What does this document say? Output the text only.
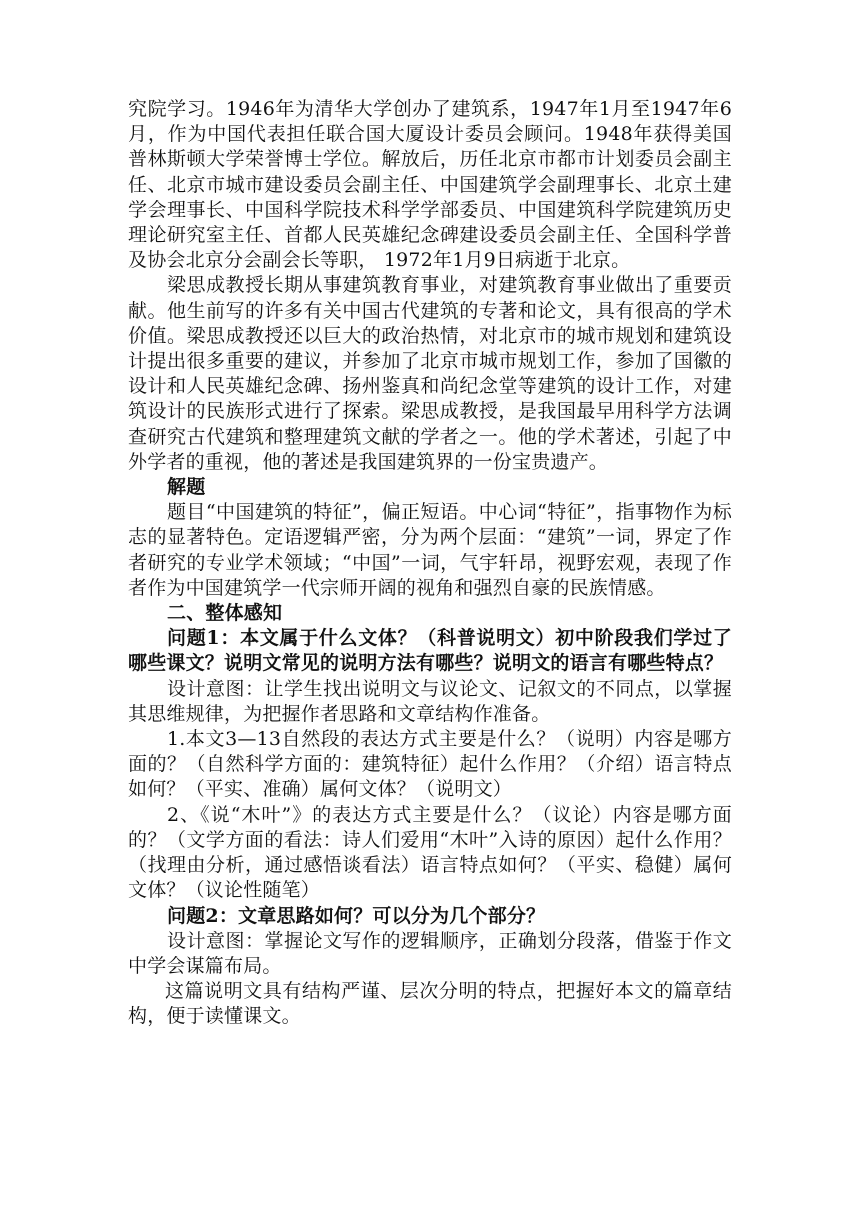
究院学习。1946年为清华大学创办了建筑系，1947年1月至1947年6月，作为中国代表担任联合国大厦设计委员会顾问。1948年获得美国普林斯顿大学荣誉博士学位。解放后，历任北京市都市计划委员会副主任、北京市城市建设委员会副主任、中国建筑学会副理事长、北京土建学会理事长、中国科学院技术科学学部委员、中国建筑科学院建筑历史理论研究室主任、首都人民英雄纪念碑建设委员会副主任、全国科学普及协会北京分会副会长等职， 1972年1月9日病逝于北京。

梁思成教授长期从事建筑教育事业，对建筑教育事业做出了重要贡献。他生前写的许多有关中国古代建筑的专著和论文，具有很高的学术价值。梁思成教授还以巨大的政治热情，对北京市的城市规划和建筑设计提出很多重要的建议，并参加了北京市城市规划工作，参加了国徽的设计和人民英雄纪念碑、扬州鉴真和尚纪念堂等建筑的设计工作，对建筑设计的民族形式进行了探索。梁思成教授，是我国最早用科学方法调查研究古代建筑和整理建筑文献的学者之一。他的学术著述，引起了中外学者的重视，他的著述是我国建筑界的一份宝贵遗产。

解题

题目“中国建筑的特征”，偏正短语。中心词“特征”，指事物作为标志的显著特色。定语逻辑严密，分为两个层面：“建筑”一词，界定了作者研究的专业学术领域；“中国”一词，气宇轩昂，视野宏观，表现了作者作为中国建筑学一代宗师开阔的视角和强烈自豪的民族情感。

二、整体感知

问题1：本文属于什么文体？（科普说明文）初中阶段我们学过了哪些课文？说明文常见的说明方法有哪些？说明文的语言有哪些特点？

设计意图：让学生找出说明文与议论文、记叙文的不同点，以掌握其思维规律，为把握作者思路和文章结构作准备。

1.本文3—13自然段的表达方式主要是什么？（说明）内容是哪方面的？（自然科学方面的：建筑特征）起什么作用？（介绍）语言特点如何？（平实、准确）属何文体？（说明文）

2、《说“木叶”》的表达方式主要是什么？（议论）内容是哪方面的？（文学方面的看法：诗人们爱用“木叶”入诗的原因）起什么作用？（找理由分析，通过感悟谈看法）语言特点如何？（平实、稳健）属何文体？（议论性随笔）

问题2：文章思路如何？可以分为几个部分？

设计意图：掌握论文写作的逻辑顺序，正确划分段落，借鉴于作文中学会谋篇布局。

这篇说明文具有结构严谨、层次分明的特点，把握好本文的篇章结构，便于读懂课文。
